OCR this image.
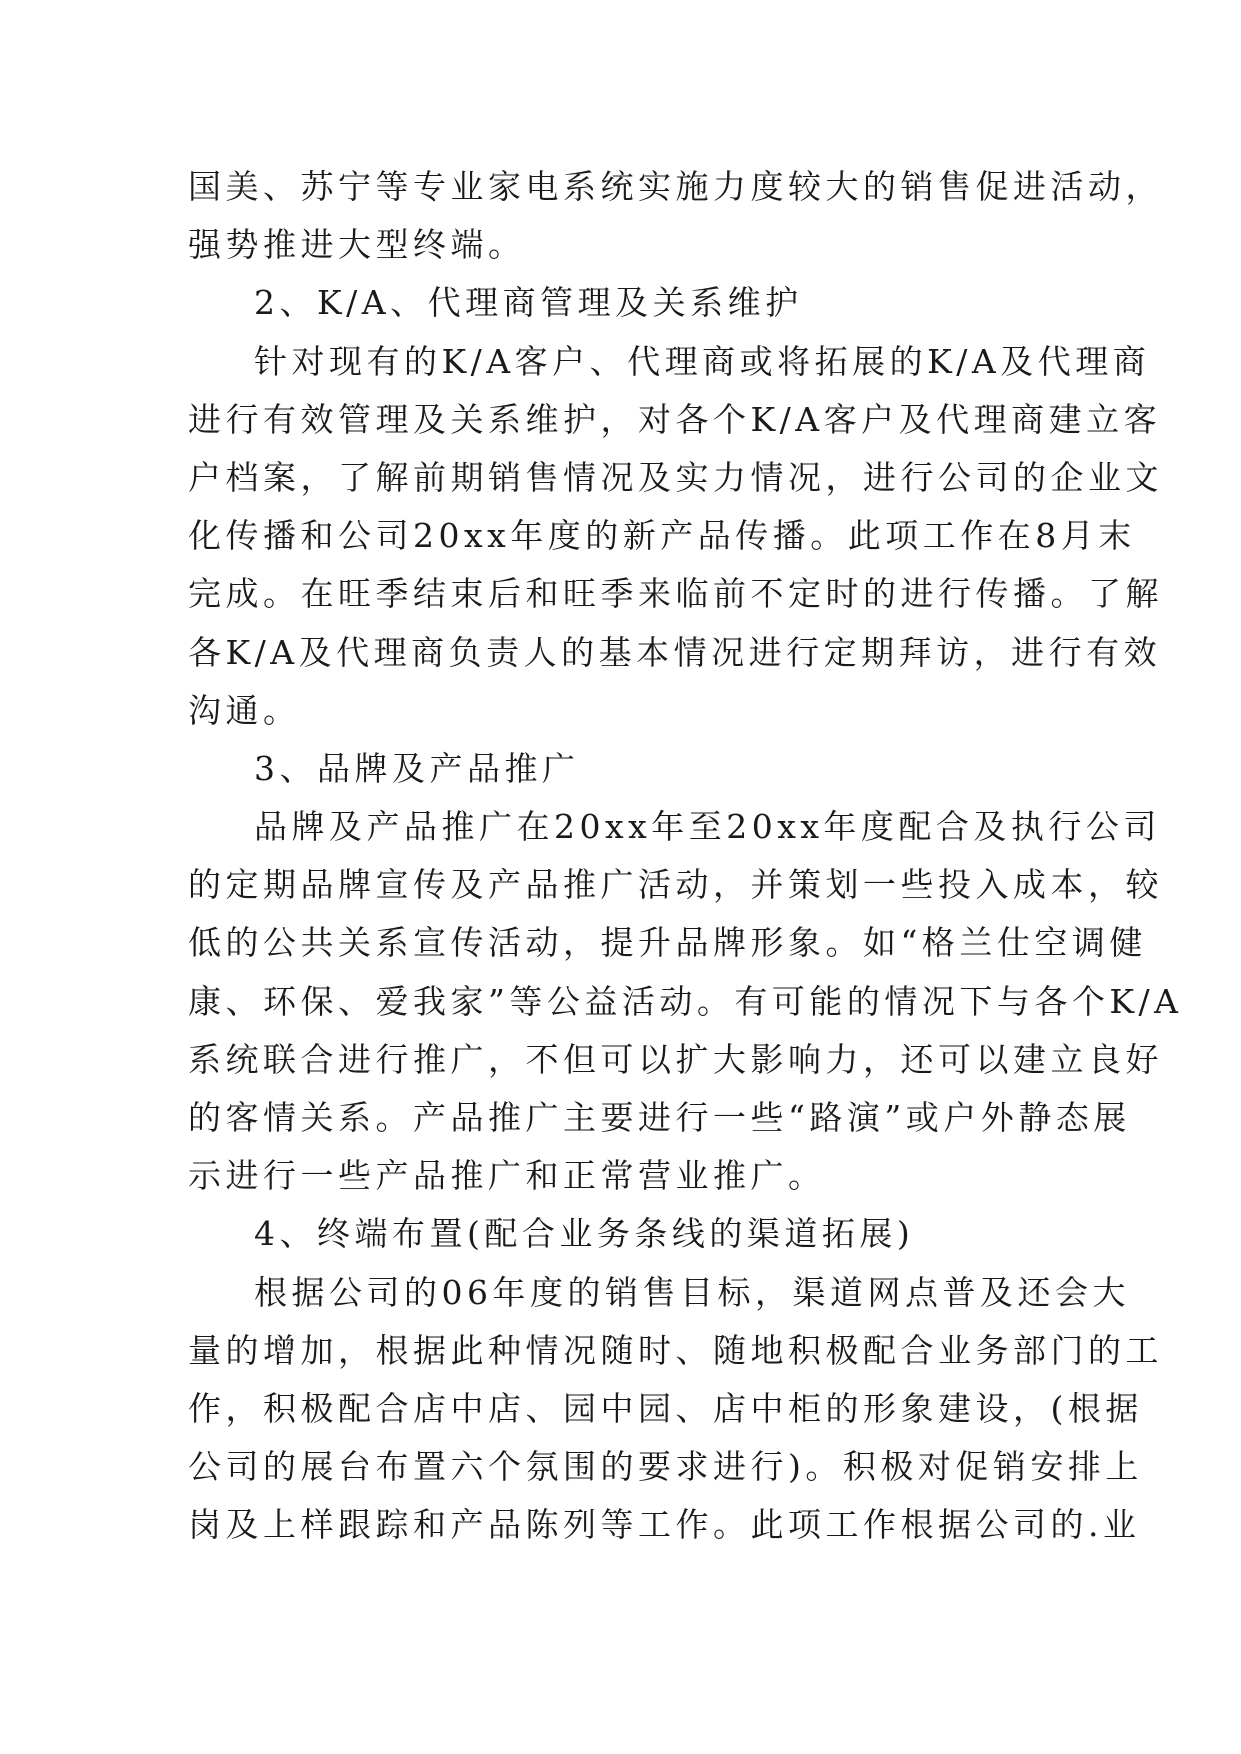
国美、苏宁等专业家电系统实施力度较大的销售促进活动，
强势推进大型终端。
2、K/A、代理商管理及关系维护
针对现有的K/A客户、代理商或将拓展的K/A及代理商
进行有效管理及关系维护，对各个K/A客户及代理商建立客
户档案，了解前期销售情况及实力情况，进行公司的企业文
化传播和公司20xx年度的新产品传播。此项工作在8月末
完成。在旺季结束后和旺季来临前不定时的进行传播。了解
各K/A及代理商负责人的基本情况进行定期拜访，进行有效
沟通。
3、品牌及产品推广
品牌及产品推广在20xx年至20xx年度配合及执行公司
的定期品牌宣传及产品推广活动，并策划一些投入成本，较
低的公共关系宣传活动，提升品牌形象。如“格兰仕空调健
康、环保、爱我家”等公益活动。有可能的情况下与各个K/A
系统联合进行推广，不但可以扩大影响力，还可以建立良好
的客情关系。产品推广主要进行一些“路演”或户外静态展
示进行一些产品推广和正常营业推广。
4、终端布置(配合业务条线的渠道拓展)
根据公司的06年度的销售目标，渠道网点普及还会大
量的增加，根据此种情况随时、随地积极配合业务部门的工
作，积极配合店中店、园中园、店中柜的形象建设，(根据
公司的展台布置六个氛围的要求进行)。积极对促销安排上
岗及上样跟踪和产品陈列等工作。此项工作根据公司的.业
